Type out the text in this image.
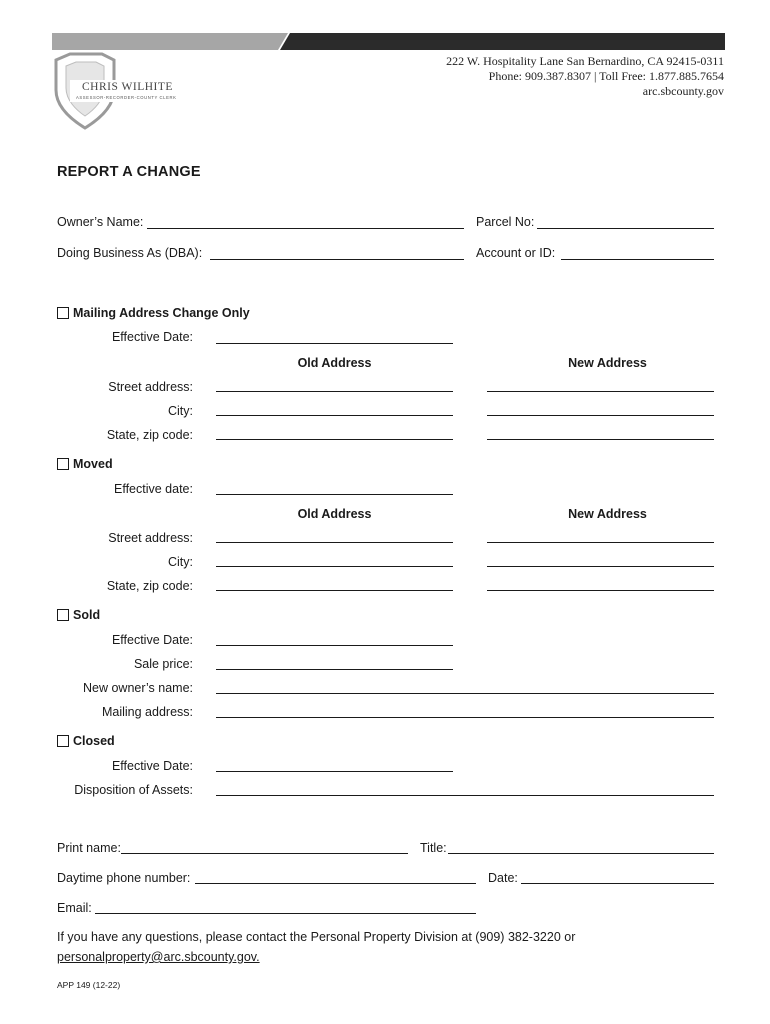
CHRIS WILHITE
ASSESSOR-RECORDER-COUNTY CLERK
222 W. Hospitality Lane San Bernardino, CA 92415-0311
Phone: 909.387.8307 | Toll Free: 1.877.885.7654
arc.sbcounty.gov
REPORT A CHANGE
Owner’s Name:	Parcel No:
Doing Business As (DBA):	Account or ID:
Mailing Address Change Only
Effective Date:
Old Address	New Address
Street address:
City:
State, zip code:
Moved
Effective date:
Old Address	New Address
Street address:
City:
State, zip code:
Sold
Effective Date:
Sale price:
New owner’s name:
Mailing address:
Closed
Effective Date:
Disposition of Assets:
Print name:	Title:
Daytime phone number:	Date:
Email:
If you have any questions, please contact the Personal Property Division at (909) 382-3220 or
personalproperty@arc.sbcounty.gov.
APP 149 (12-22)
